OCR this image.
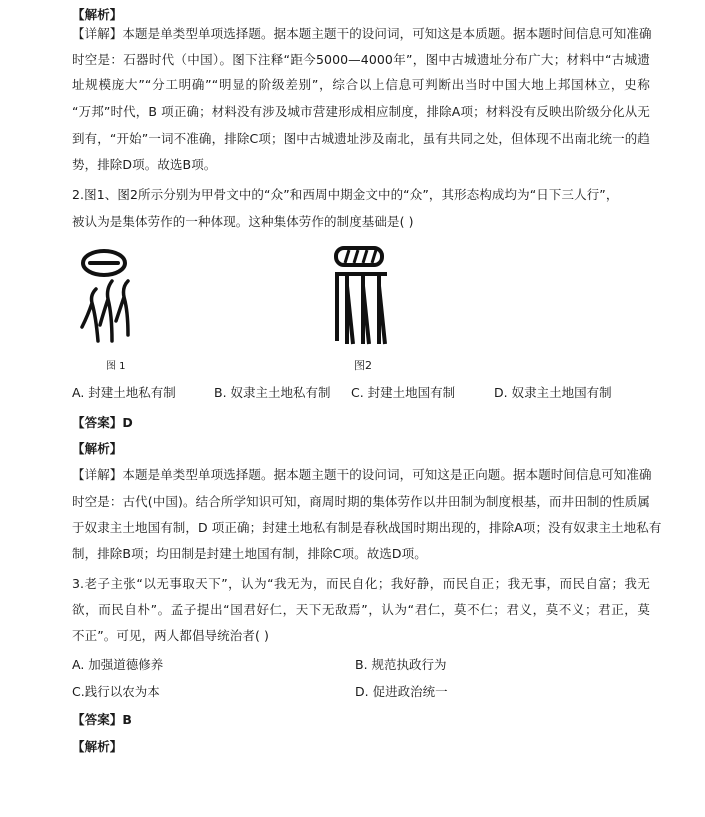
【解析】
【详解】本题是单类型单项选择题。据本题主题干的设问词，可知这是本质题。据本题时间信息可知准确
时空是：石器时代（中国）。图下注释“距今5000—4000年”，图中古城遗址分布广大；材料中“古城遗
址规模庞大”“分工明确”“明显的阶级差别”，综合以上信息可判断出当时中国大地上邦国林立，史称
“万邦”时代，B 项正确；材料没有涉及城市营建形成相应制度，排除A项；材料没有反映出阶级分化从无
到有，“开始”一词不准确，排除C项；图中古城遗址涉及南北，虽有共同之处，但体现不出南北统一的趋
势，排除D项。故选B项。
2.图1、图2所示分别为甲骨文中的“众”和西周中期金文中的“众”，其形态构成均为“日下三人行”，
被认为是集体劳作的一种体现。这种集体劳作的制度基础是( )
图 1	图2
A. 封建土地私有制	B. 奴隶主土地私有制 C. 封建土地国有制	D. 奴隶主土地国有制
【答案】D
【解析】
【详解】本题是单类型单项选择题。据本题主题干的设问词，可知这是正向题。据本题时间信息可知准确
时空是：古代(中国)。结合所学知识可知，商周时期的集体劳作以井田制为制度根基，而井田制的性质属
于奴隶主土地国有制，D 项正确；封建土地私有制是春秋战国时期出现的，排除A项；没有奴隶主土地私有
制，排除B项；均田制是封建土地国有制，排除C项。故选D项。
3.老子主张“以无事取天下”，认为“我无为，而民自化；我好静，而民自正；我无事，而民自富；我无
欲，而民自朴”。孟子提出“国君好仁，天下无敌焉”，认为“君仁，莫不仁；君义，莫不义；君正，莫
不正”。可见，两人都倡导统治者( )
A. 加强道德修养	B. 规范执政行为
C.践行以农为本	D. 促进政治统一
【答案】B
【解析】
